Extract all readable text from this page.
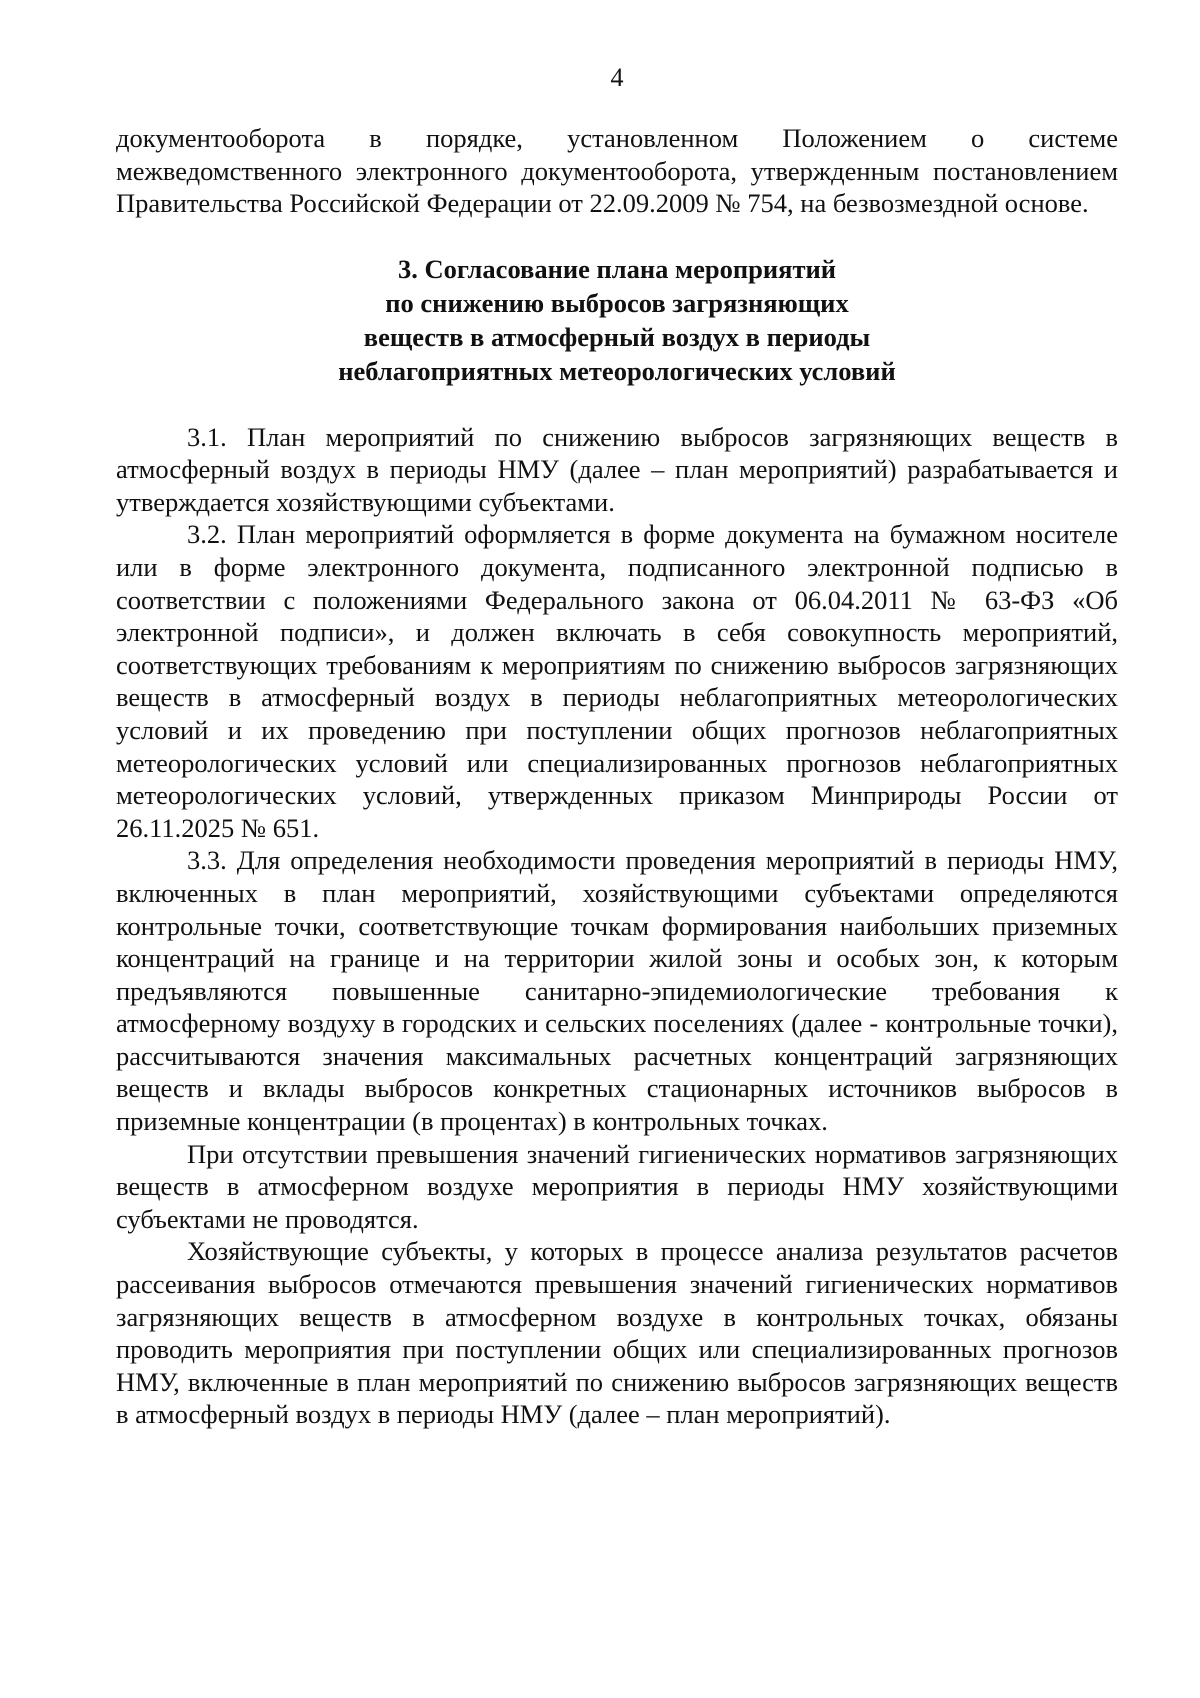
4

документооборота в порядке, установленном Положением о системе межведомственного электронного документооборота, утвержденным постановлением Правительства Российской Федерации от 22.09.2009 № 754, на безвозмездной основе.

3. Согласование плана мероприятий
по снижению выбросов загрязняющих
веществ в атмосферный воздух в периоды
неблагоприятных метеорологических условий

3.1. План мероприятий по снижению выбросов загрязняющих веществ в атмосферный воздух в периоды НМУ (далее – план мероприятий) разрабатывается и утверждается хозяйствующими субъектами.

3.2. План мероприятий оформляется в форме документа на бумажном носителе или в форме электронного документа, подписанного электронной подписью в соответствии с положениями Федерального закона от 06.04.2011 № 63-ФЗ «Об электронной подписи», и должен включать в себя совокупность мероприятий, соответствующих требованиям к мероприятиям по снижению выбросов загрязняющих веществ в атмосферный воздух в периоды неблагоприятных метеорологических условий и их проведению при поступлении общих прогнозов неблагоприятных метеорологических условий или специализированных прогнозов неблагоприятных метеорологических условий, утвержденных приказом Минприроды России от 26.11.2025 № 651.

3.3. Для определения необходимости проведения мероприятий в периоды НМУ, включенных в план мероприятий, хозяйствующими субъектами определяются контрольные точки, соответствующие точкам формирования наибольших приземных концентраций на границе и на территории жилой зоны и особых зон, к которым предъявляются повышенные санитарно-эпидемиологические требования к атмосферному воздуху в городских и сельских поселениях (далее - контрольные точки), рассчитываются значения максимальных расчетных концентраций загрязняющих веществ и вклады выбросов конкретных стационарных источников выбросов в приземные концентрации (в процентах) в контрольных точках.

При отсутствии превышения значений гигиенических нормативов загрязняющих веществ в атмосферном воздухе мероприятия в периоды НМУ хозяйствующими субъектами не проводятся.

Хозяйствующие субъекты, у которых в процессе анализа результатов расчетов рассеивания выбросов отмечаются превышения значений гигиенических нормативов загрязняющих веществ в атмосферном воздухе в контрольных точках, обязаны проводить мероприятия при поступлении общих или специализированных прогнозов НМУ, включенные в план мероприятий по снижению выбросов загрязняющих веществ в атмосферный воздух в периоды НМУ (далее – план мероприятий).
